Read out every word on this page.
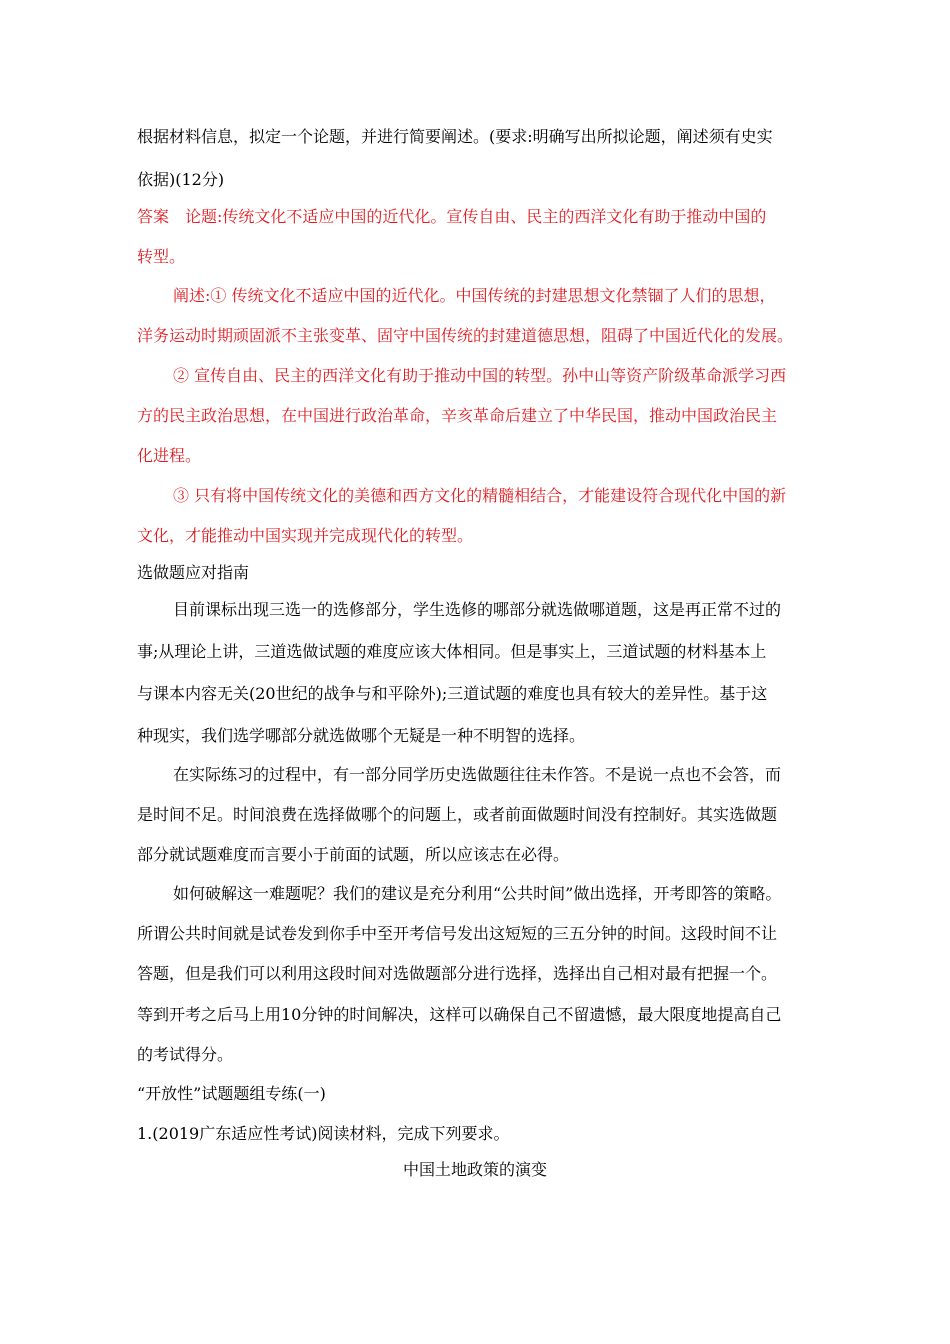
根据材料信息，拟定一个论题，并进行简要阐述。(要求:明确写出所拟论题，阐述须有史实
依据)(12分)
答案　论题:传统文化不适应中国的近代化。宣传自由、民主的西洋文化有助于推动中国的
转型。
阐述:① 传统文化不适应中国的近代化。中国传统的封建思想文化禁锢了人们的思想，
洋务运动时期顽固派不主张变革、固守中国传统的封建道德思想，阻碍了中国近代化的发展。
② 宣传自由、民主的西洋文化有助于推动中国的转型。孙中山等资产阶级革命派学习西
方的民主政治思想，在中国进行政治革命，辛亥革命后建立了中华民国，推动中国政治民主
化进程。
③ 只有将中国传统文化的美德和西方文化的精髓相结合，才能建设符合现代化中国的新
文化，才能推动中国实现并完成现代化的转型。
选做题应对指南
目前课标出现三选一的选修部分，学生选修的哪部分就选做哪道题，这是再正常不过的
事;从理论上讲，三道选做试题的难度应该大体相同。但是事实上，三道试题的材料基本上
与课本内容无关(20世纪的战争与和平除外);三道试题的难度也具有较大的差异性。基于这
种现实，我们选学哪部分就选做哪个无疑是一种不明智的选择。
在实际练习的过程中，有一部分同学历史选做题往往未作答。不是说一点也不会答，而
是时间不足。时间浪费在选择做哪个的问题上，或者前面做题时间没有控制好。其实选做题
部分就试题难度而言要小于前面的试题，所以应该志在必得。
如何破解这一难题呢？我们的建议是充分利用“公共时间”做出选择，开考即答的策略。
所谓公共时间就是试卷发到你手中至开考信号发出这短短的三五分钟的时间。这段时间不让
答题，但是我们可以利用这段时间对选做题部分进行选择，选择出自己相对最有把握一个。
等到开考之后马上用10分钟的时间解决，这样可以确保自己不留遗憾，最大限度地提高自己
的考试得分。
“开放性”试题题组专练(一)
1.(2019广东适应性考试)阅读材料，完成下列要求。
中国土地政策的演变
